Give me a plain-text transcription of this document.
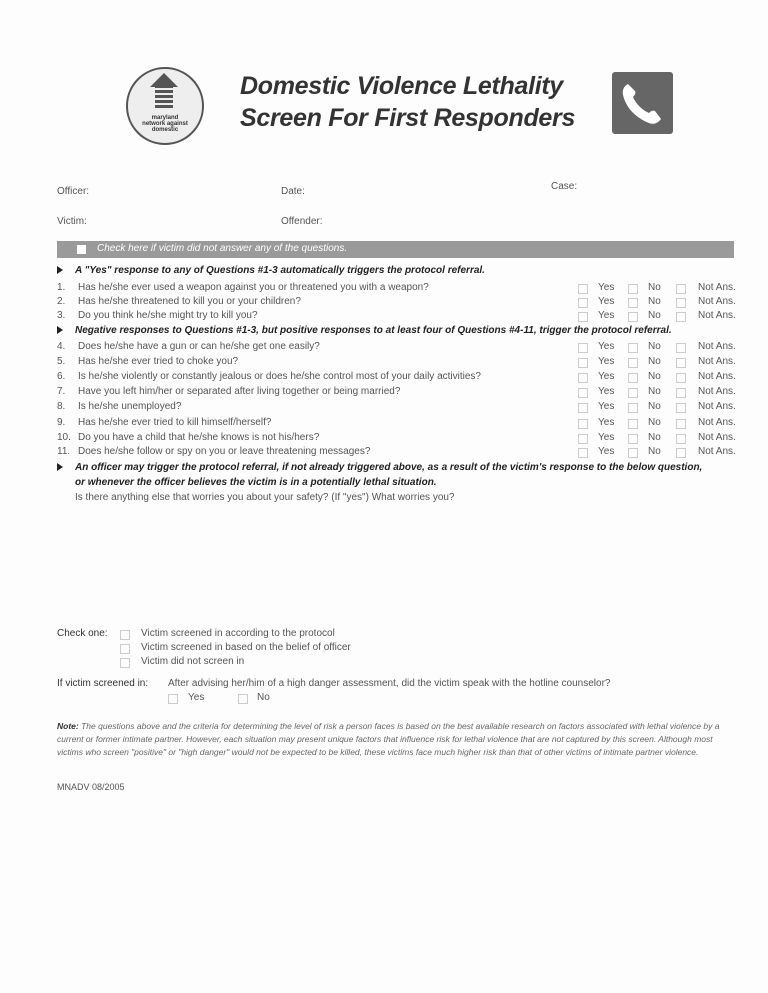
maryland network against domestic
Domestic Violence Lethality
Screen For First Responders
Officer:	Date:	Case:
Victim:	Offender:
Check here if victim did not answer any of the questions.
A "Yes" response to any of Questions #1-3 automatically triggers the protocol referral.
Negative responses to Questions #1-3, but positive responses to at least four of Questions #4-11, trigger the protocol referral.
An officer may trigger the protocol referral, if not already triggered above, as a result of the victim's response to the below question,
or whenever the officer believes the victim is in a potentially lethal situation.
Is there anything else that worries you about your safety? (If "yes") What worries you?
1.	Has he/she ever used a weapon against you or threatened you with a weapon?	Yes	No	Not Ans.
2.	Has he/she threatened to kill you or your children?	Yes	No	Not Ans.
3.	Do you think he/she might try to kill you?	Yes	No	Not Ans.
4.	Does he/she have a gun or can he/she get one easily?	Yes	No	Not Ans.
5.	Has he/she ever tried to choke you?	Yes	No	Not Ans.
6.	Is he/she violently or constantly jealous or does he/she control most of your daily activities?	Yes	No	Not Ans.
7.	Have you left him/her or separated after living together or being married?	Yes	No	Not Ans.
8.	Is he/she unemployed?	Yes	No	Not Ans.
9.	Has he/she ever tried to kill himself/herself?	Yes	No	Not Ans.
10. Do you have a child that he/she knows is not his/hers?	Yes	No	Not Ans.
11. Does he/she follow or spy on you or leave threatening messages?	Yes	No	Not Ans.
Check one:	Victim screened in according to the protocol
Victim screened in based on the belief of officer
Victim did not screen in
If victim screened in: After advising her/him of a high danger assessment, did the victim speak with the hotline counselor?
Yes	No
Note: The questions above and the criteria for determining the level of risk a person faces is based on the best available research on factors associated with lethal violence by a current or former intimate partner. However, each situation may present unique factors that influence risk for lethal violence that are not captured by this screen. Although most victims who screen "positive" or "high danger" would not be expected to be killed, these victims face much higher risk than that of other victims of intimate partner violence.
MNADV 08/2005
